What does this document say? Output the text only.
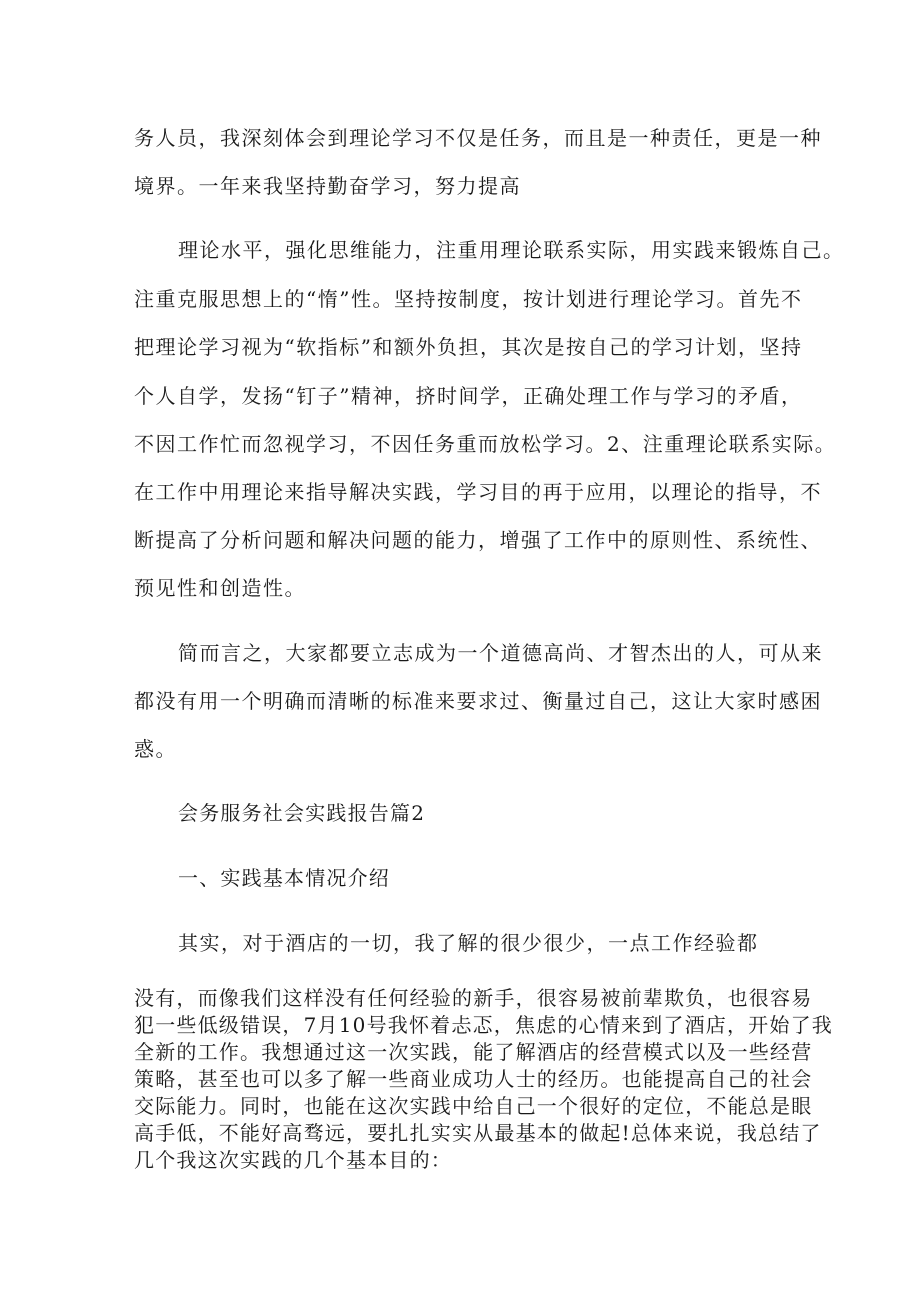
务人员，我深刻体会到理论学习不仅是任务，而且是一种责任，更是一种
境界。一年来我坚持勤奋学习，努力提高
理论水平，强化思维能力，注重用理论联系实际，用实践来锻炼自己。
注重克服思想上的“惰”性。坚持按制度，按计划进行理论学习。首先不
把理论学习视为“软指标”和额外负担，其次是按自己的学习计划，坚持
个人自学，发扬“钉子”精神，挤时间学，正确处理工作与学习的矛盾，
不因工作忙而忽视学习，不因任务重而放松学习。2、注重理论联系实际。
在工作中用理论来指导解决实践，学习目的再于应用，以理论的指导，不
断提高了分析问题和解决问题的能力，增强了工作中的原则性、系统性、
预见性和创造性。
简而言之，大家都要立志成为一个道德高尚、才智杰出的人，可从来
都没有用一个明确而清晰的标准来要求过、衡量过自己，这让大家时感困
惑。
会务服务社会实践报告篇2
一、实践基本情况介绍
其实，对于酒店的一切，我了解的很少很少，一点工作经验都
没有，而像我们这样没有任何经验的新手，很容易被前辈欺负，也很容易
犯一些低级错误，7月10号我怀着忐忑，焦虑的心情来到了酒店，开始了我
全新的工作。我想通过这一次实践，能了解酒店的经营模式以及一些经营
策略，甚至也可以多了解一些商业成功人士的经历。也能提高自己的社会
交际能力。同时，也能在这次实践中给自己一个很好的定位，不能总是眼
高手低，不能好高骛远，要扎扎实实从最基本的做起!总体来说，我总结了
几个我这次实践的几个基本目的：
